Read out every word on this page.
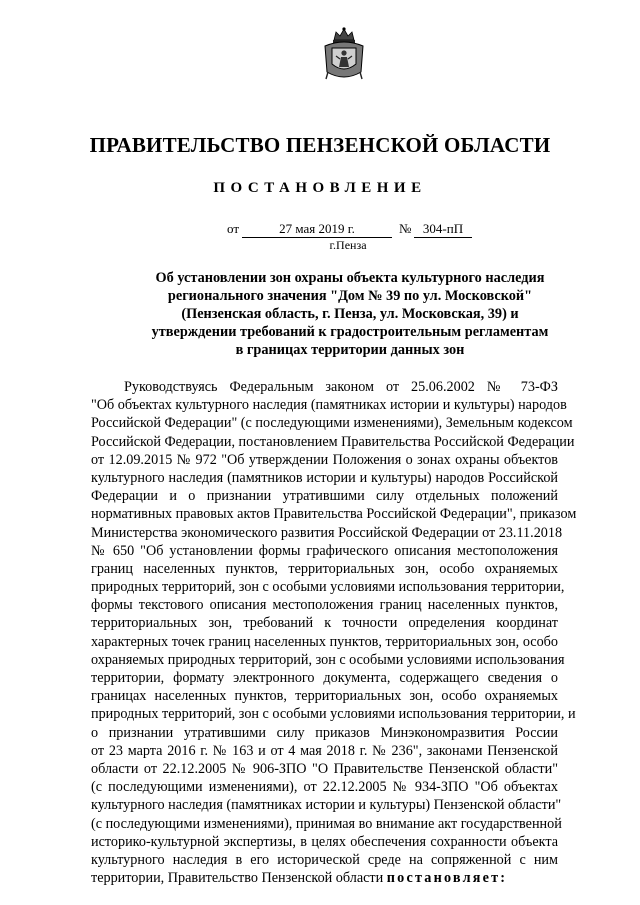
ПРАВИТЕЛЬСТВО ПЕНЗЕНСКОЙ ОБЛАСТИ
ПОСТАНОВЛЕНИЕ
от	27 мая 2019 г.	№ 304-пП
г.Пенза
Об установлении зон охраны объекта культурного наследия
регионального значения "Дом № 39 по ул. Московской"
(Пензенская область, г. Пенза, ул. Московская, 39) и
утверждении требований к градостроительным регламентам
в границах территории данных зон
Руководствуясь Федеральным законом от 25.06.2002 № 73-ФЗ
"Об объектах культурного наследия (памятниках истории и культуры) народов
Российской Федерации" (с последующими изменениями), Земельным кодексом
Российской Федерации, постановлением Правительства Российской Федерации
от 12.09.2015 № 972 "Об утверждении Положения о зонах охраны объектов
культурного наследия (памятников истории и культуры) народов Российской
Федерации и о признании утратившими силу отдельных положений
нормативных правовых актов Правительства Российской Федерации", приказом
Министерства экономического развития Российской Федерации от 23.11.2018
№ 650 "Об установлении формы графического описания местоположения
границ населенных пунктов, территориальных зон, особо охраняемых
природных территорий, зон с особыми условиями использования территории,
формы текстового описания местоположения границ населенных пунктов,
территориальных зон, требований к точности определения координат
характерных точек границ населенных пунктов, территориальных зон, особо
охраняемых природных территорий, зон с особыми условиями использования
территории, формату электронного документа, содержащего сведения о
границах населенных пунктов, территориальных зон, особо охраняемых
природных территорий, зон с особыми условиями использования территории, и
о признании утратившими силу приказов Минэкономразвития России
от 23 марта 2016 г. № 163 и от 4 мая 2018 г. № 236", законами Пензенской
области от 22.12.2005 № 906-ЗПО "О Правительстве Пензенской области"
(с последующими изменениями), от 22.12.2005 № 934-ЗПО "Об объектах
культурного наследия (памятниках истории и культуры) Пензенской области"
(с последующими изменениями), принимая во внимание акт государственной
историко-культурной экспертизы, в целях обеспечения сохранности объекта
культурного наследия в его исторической среде на сопряженной с ним
территории, Правительство Пензенской области постановляет:
